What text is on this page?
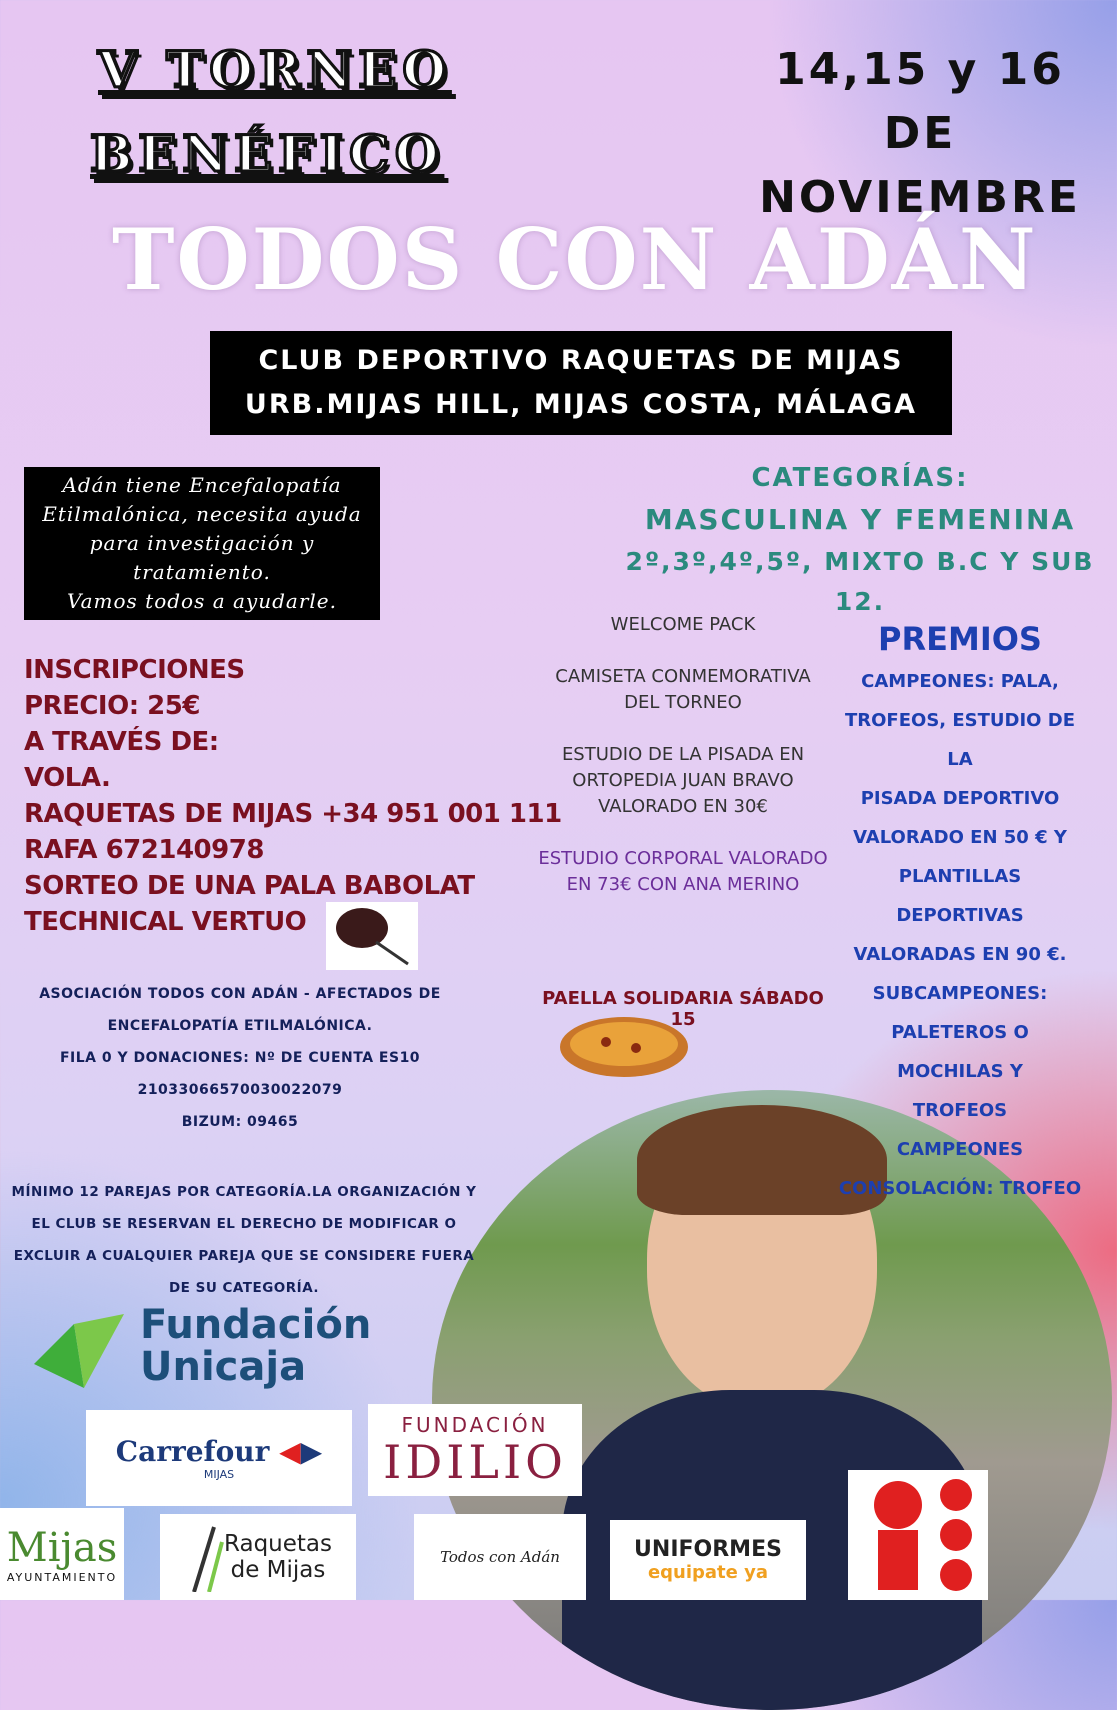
V TORNEO
BENÉFICO
14,15 y 16 DE
NOVIEMBRE
TODOS CON ADÁN
CLUB DEPORTIVO RAQUETAS DE MIJAS
URB.MIJAS HILL, MIJAS COSTA, MÁLAGA
Adán tiene Encefalopatía
Etilmalónica, necesita ayuda
para investigación y
tratamiento.
Vamos todos a ayudarle.
CATEGORÍAS:
MASCULINA Y FEMENINA
2º,3º,4º,5º, MIXTO B.C Y SUB 12.
INSCRIPCIONES
PRECIO: 25€
A TRAVÉS DE:
VOLA.
RAQUETAS DE MIJAS +34 951 001 111
RAFA 672140978
SORTEO DE UNA PALA BABOLAT
TECHNICAL VERTUO
WELCOME PACK
CAMISETA CONMEMORATIVA DEL TORNEO
ESTUDIO DE LA PISADA EN ORTOPEDIA JUAN BRAVO VALORADO EN 30€
ESTUDIO CORPORAL VALORADO EN 73€ CON ANA MERINO
PAELLA SOLIDARIA SÁBADO 15
PREMIOS
CAMPEONES: PALA,
TROFEOS, ESTUDIO DE LA
PISADA DEPORTIVO
VALORADO EN 50 € Y
PLANTILLAS DEPORTIVAS
VALORADAS EN 90 €.
SUBCAMPEONES:
PALETEROS O MOCHILAS Y
TROFEOS
CAMPEONES
CONSOLACIÓN: TROFEO
ASOCIACIÓN TODOS CON ADÁN - AFECTADOS DE
ENCEFALOPATÍA ETILMALÓNICA.
FILA 0 Y DONACIONES: Nº DE CUENTA ES10
21033066570030022079
BIZUM: 09465
MÍNIMO 12 PAREJAS POR CATEGORÍA.LA ORGANIZACIÓN Y
EL CLUB SE RESERVAN EL DERECHO DE MODIFICAR O
EXCLUIR A CUALQUIER PAREJA QUE SE CONSIDERE FUERA
DE SU CATEGORÍA.
Fundación
Unicaja
Carrefour ◀▶
MIJAS
FUNDACIÓN
IDILIO
Mijas
AYUNTAMIENTO
Raquetas
de Mijas	Todos con Adán	UNIFORMES
equipate ya
